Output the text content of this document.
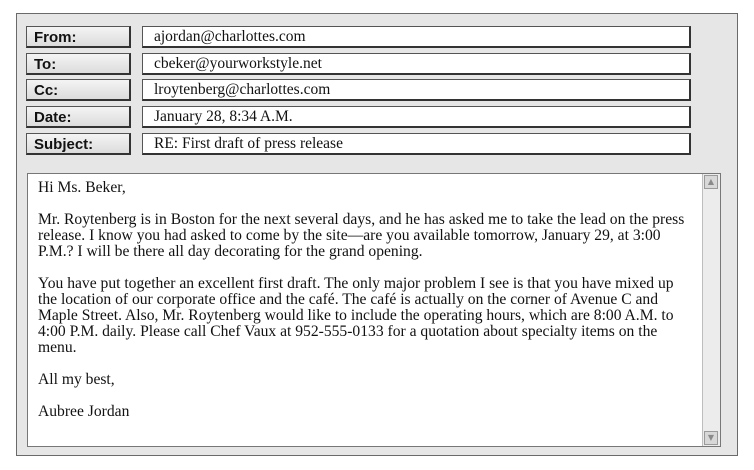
From:	ajordan@charlottes.com
To:	cbeker@yourworkstyle.net
Cc:	lroytenberg@charlottes.com
Date:	January 28, 8:34 A.M.
Subject:	RE: First draft of press release

Hi Ms. Beker,

Mr. Roytenberg is in Boston for the next several days, and he has asked me to take the lead on the press release. I know you had asked to come by the site—are you available tomorrow, January 29, at 3:00 P.M.? I will be there all day decorating for the grand opening.

You have put together an excellent first draft. The only major problem I see is that you have mixed up the location of our corporate office and the café. The café is actually on the corner of Avenue C and Maple Street. Also, Mr. Roytenberg would like to include the operating hours, which are 8:00 A.M. to 4:00 P.M. daily. Please call Chef Vaux at 952-555-0133 for a quotation about specialty items on the menu.

All my best,

Aubree Jordan

▲
▼
